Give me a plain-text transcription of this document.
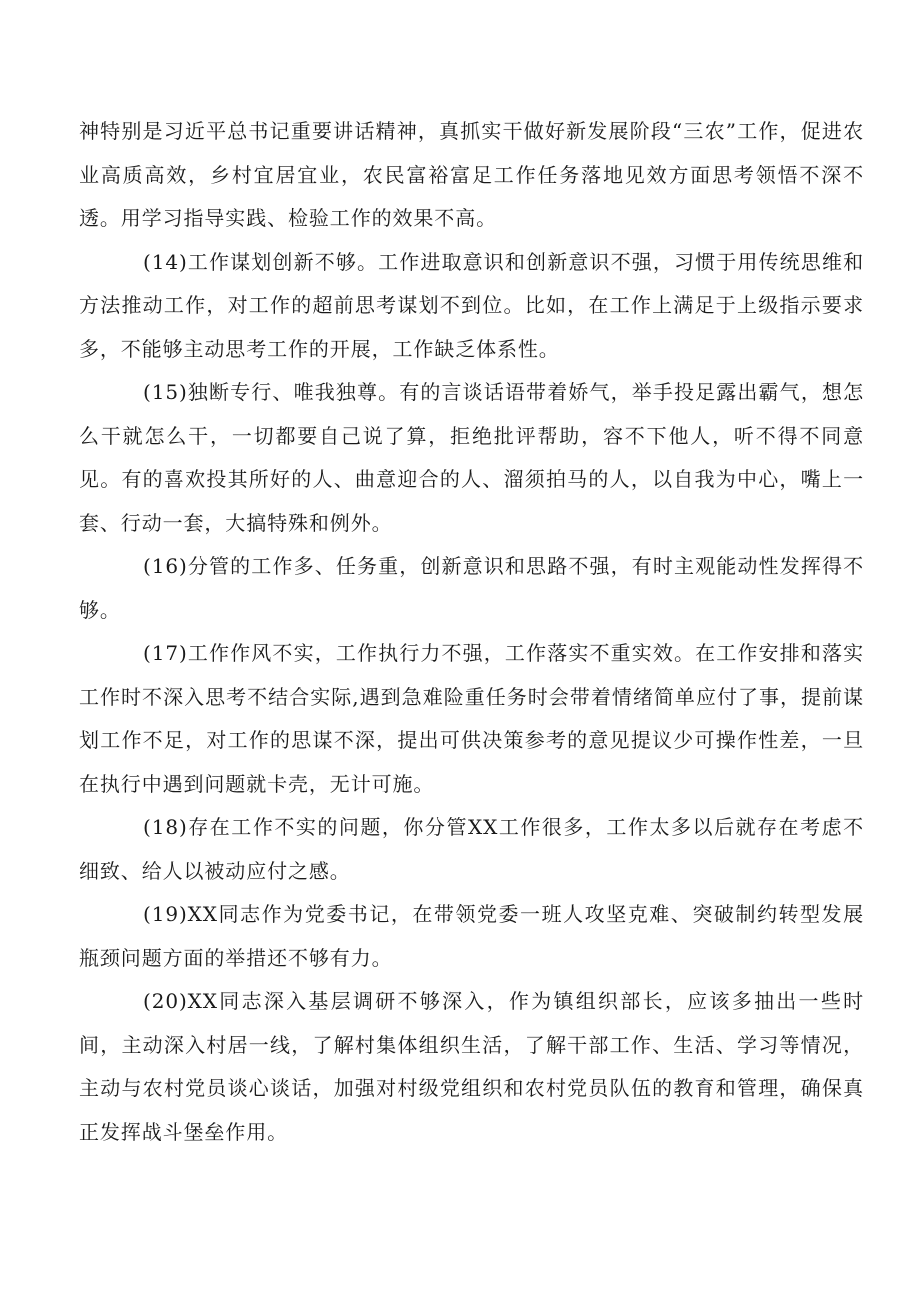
神特别是习近平总书记重要讲话精神，真抓实干做好新发展阶段“三农”工作，促进农业高质高效，乡村宜居宜业，农民富裕富足工作任务落地见效方面思考领悟不深不透。用学习指导实践、检验工作的效果不高。

(14)工作谋划创新不够。工作进取意识和创新意识不强，习惯于用传统思维和方法推动工作，对工作的超前思考谋划不到位。比如，在工作上满足于上级指示要求多，不能够主动思考工作的开展，工作缺乏体系性。

(15)独断专行、唯我独尊。有的言谈话语带着娇气，举手投足露出霸气，想怎么干就怎么干，一切都要自己说了算，拒绝批评帮助，容不下他人，听不得不同意见。有的喜欢投其所好的人、曲意迎合的人、溜须拍马的人，以自我为中心，嘴上一套、行动一套，大搞特殊和例外。

(16)分管的工作多、任务重，创新意识和思路不强，有时主观能动性发挥得不够。

(17)工作作风不实，工作执行力不强，工作落实不重实效。在工作安排和落实工作时不深入思考不结合实际,遇到急难险重任务时会带着情绪简单应付了事，提前谋划工作不足，对工作的思谋不深，提出可供决策参考的意见提议少可操作性差，一旦在执行中遇到问题就卡壳，无计可施。

(18)存在工作不实的问题，你分管XX工作很多，工作太多以后就存在考虑不细致、给人以被动应付之感。

(19)XX同志作为党委书记，在带领党委一班人攻坚克难、突破制约转型发展瓶颈问题方面的举措还不够有力。

(20)XX同志深入基层调研不够深入，作为镇组织部长，应该多抽出一些时间，主动深入村居一线，了解村集体组织生活，了解干部工作、生活、学习等情况，主动与农村党员谈心谈话，加强对村级党组织和农村党员队伍的教育和管理，确保真正发挥战斗堡垒作用。
